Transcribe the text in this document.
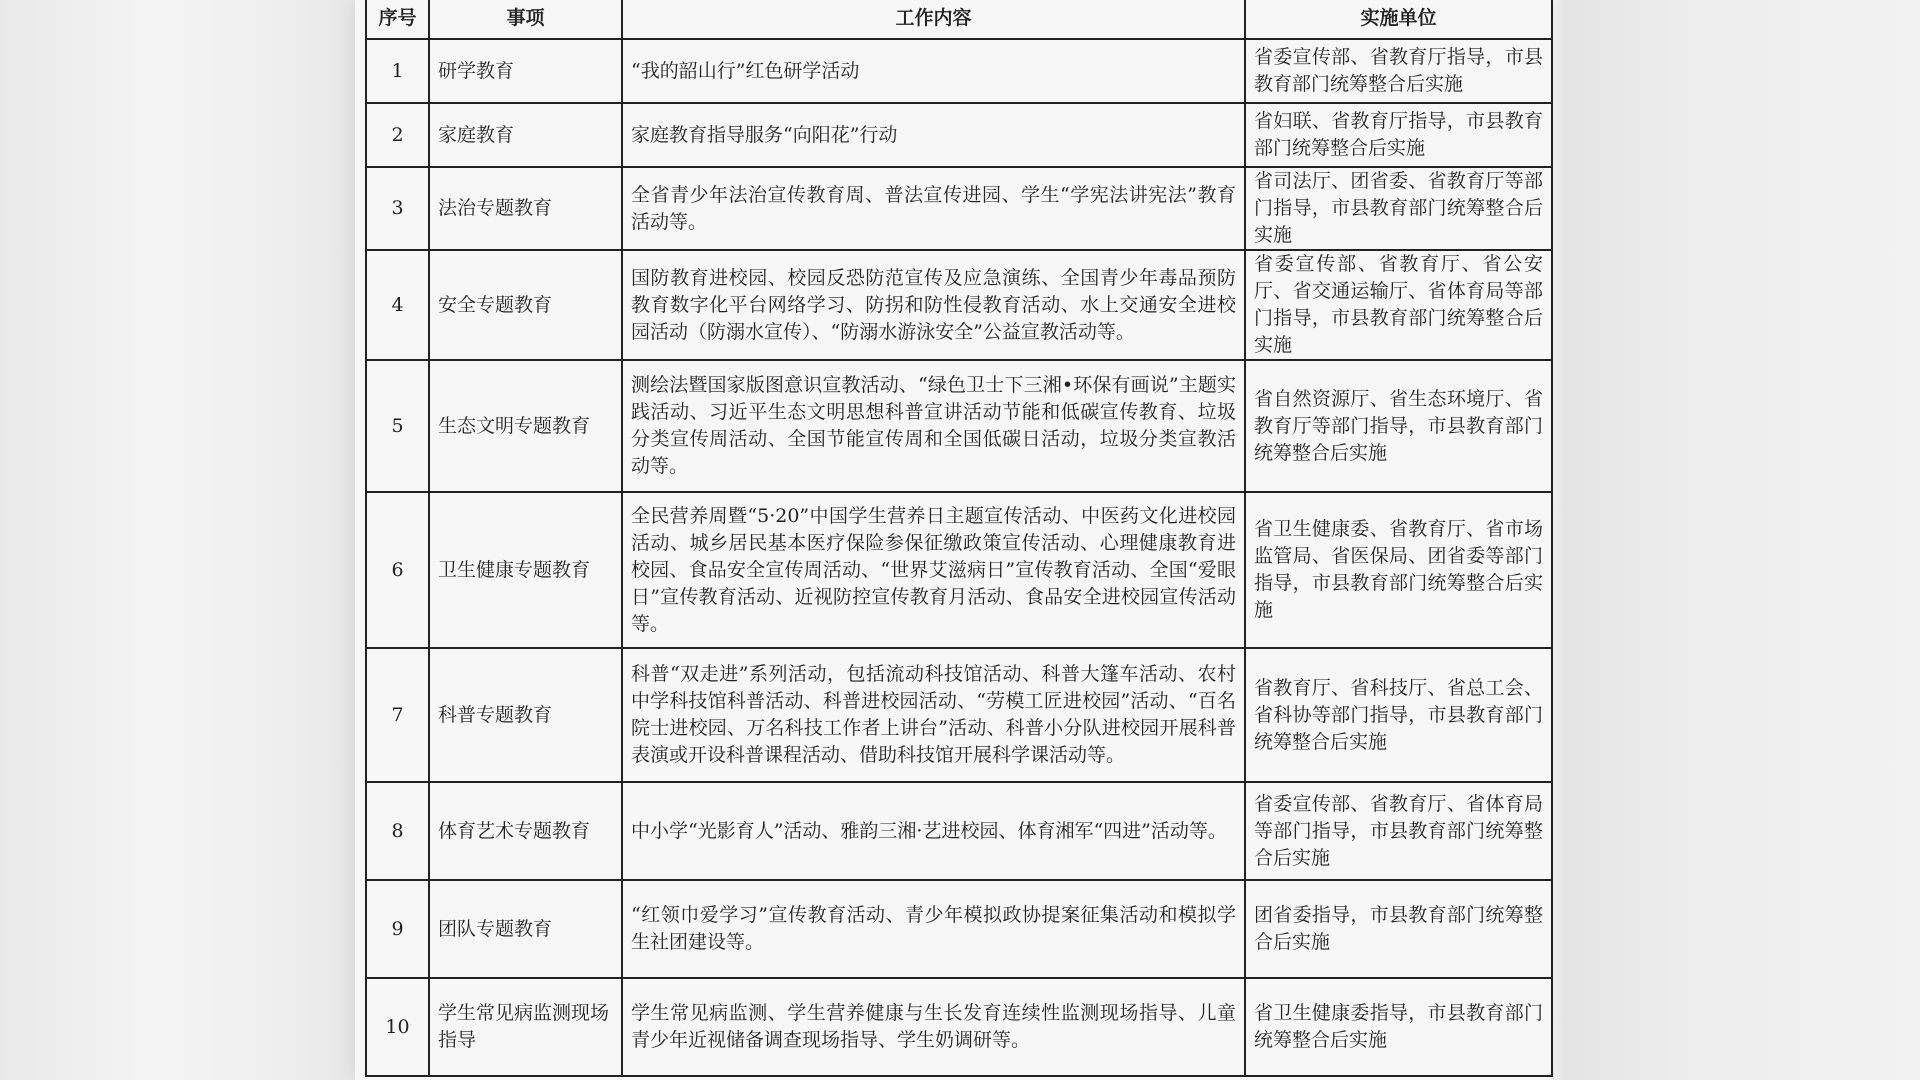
序号	事项	工作内容	实施单位
1	研学教育	“我的韶山行”红色研学活动	省委宣传部、省教育厅指导，市县教育部门统筹整合后实施
2	家庭教育	家庭教育指导服务“向阳花”行动	省妇联、省教育厅指导，市县教育部门统筹整合后实施
3	法治专题教育	全省青少年法治宣传教育周、普法宣传进园、学生“学宪法讲宪法”教育活动等。	省司法厅、团省委、省教育厅等部门指导，市县教育部门统筹整合后实施
4	安全专题教育	国防教育进校园、校园反恐防范宣传及应急演练、全国青少年毒品预防教育数字化平台网络学习、防拐和防性侵教育活动、水上交通安全进校园活动（防溺水宣传）、“防溺水游泳安全”公益宣教活动等。	省委宣传部、省教育厅、省公安厅、省交通运输厅、省体育局等部门指导，市县教育部门统筹整合后实施
5	生态文明专题教育	测绘法暨国家版图意识宣教活动、“绿色卫士下三湘•环保有画说”主题实践活动、习近平生态文明思想科普宣讲活动节能和低碳宣传教育、垃圾分类宣传周活动、全国节能宣传周和全国低碳日活动，垃圾分类宣教活动等。	省自然资源厅、省生态环境厅、省教育厅等部门指导，市县教育部门统筹整合后实施
6	卫生健康专题教育	全民营养周暨“5·20”中国学生营养日主题宣传活动、中医药文化进校园活动、城乡居民基本医疗保险参保征缴政策宣传活动、心理健康教育进校园、食品安全宣传周活动、“世界艾滋病日”宣传教育活动、全国“爱眼日”宣传教育活动、近视防控宣传教育月活动、食品安全进校园宣传活动等。	省卫生健康委、省教育厅、省市场监管局、省医保局、团省委等部门指导，市县教育部门统筹整合后实施
7	科普专题教育	科普“双走进”系列活动，包括流动科技馆活动、科普大篷车活动、农村中学科技馆科普活动、科普进校园活动、“劳模工匠进校园”活动、“百名院士进校园、万名科技工作者上讲台”活动、科普小分队进校园开展科普表演或开设科普课程活动、借助科技馆开展科学课活动等。	省教育厅、省科技厅、省总工会、省科协等部门指导，市县教育部门统筹整合后实施
8	体育艺术专题教育	中小学“光影育人”活动、雅韵三湘·艺进校园、体育湘军“四进”活动等。	省委宣传部、省教育厅、省体育局等部门指导，市县教育部门统筹整合后实施
9	团队专题教育	“红领巾爱学习”宣传教育活动、青少年模拟政协提案征集活动和模拟学生社团建设等。	团省委指导，市县教育部门统筹整合后实施
10	学生常见病监测现场指导	学生常见病监测、学生营养健康与生长发育连续性监测现场指导、儿童青少年近视储备调查现场指导、学生奶调研等。	省卫生健康委指导，市县教育部门统筹整合后实施
